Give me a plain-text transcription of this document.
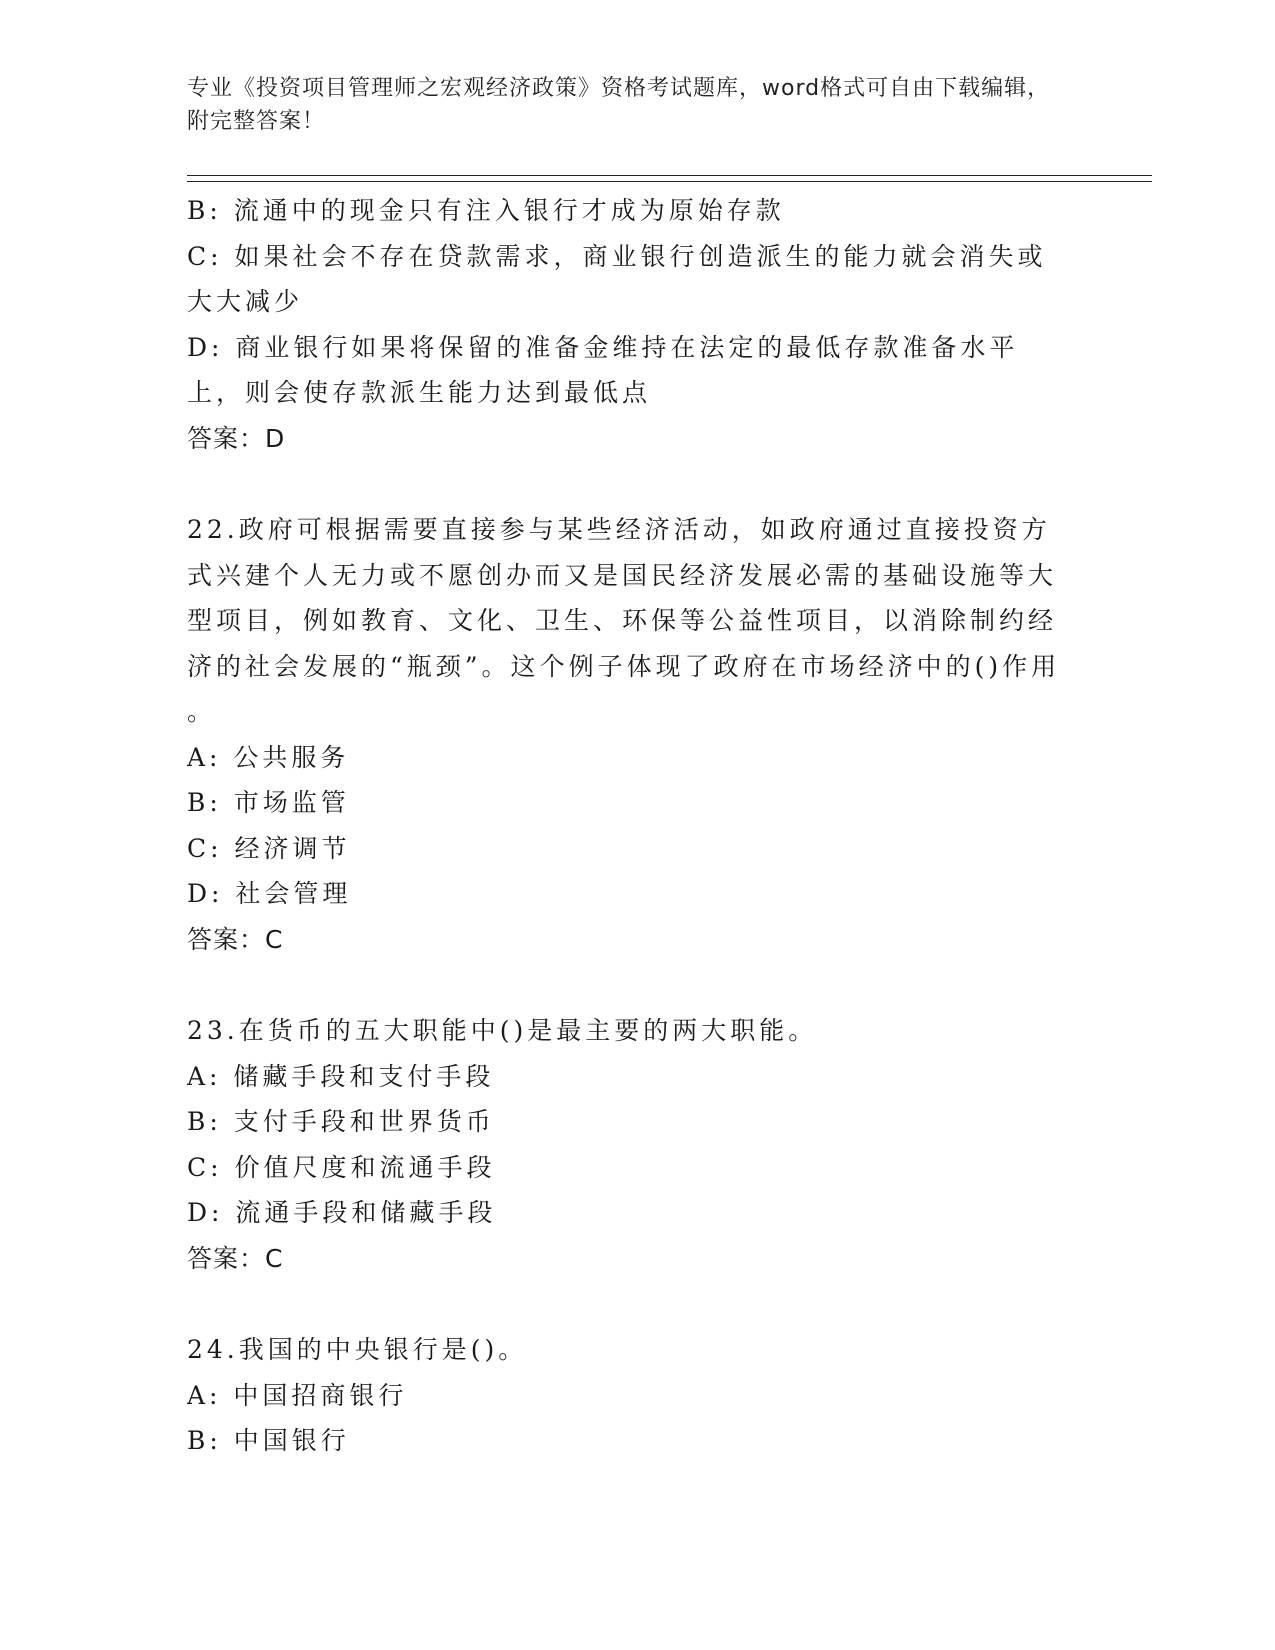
专业《投资项目管理师之宏观经济政策》资格考试题库，word格式可自由下载编辑，附完整答案！
B: 流通中的现金只有注入银行才成为原始存款
C: 如果社会不存在贷款需求，商业银行创造派生的能力就会消失或大大减少
D: 商业银行如果将保留的准备金维持在法定的最低存款准备水平上，则会使存款派生能力达到最低点
答案：D
22.政府可根据需要直接参与某些经济活动，如政府通过直接投资方式兴建个人无力或不愿创办而又是国民经济发展必需的基础设施等大型项目，例如教育、文化、卫生、环保等公益性项目，以消除制约经济的社会发展的“瓶颈”。这个例子体现了政府在市场经济中的()作用
。
A: 公共服务
B: 市场监管
C: 经济调节
D: 社会管理
答案：C
23.在货币的五大职能中()是最主要的两大职能。
A: 储藏手段和支付手段
B: 支付手段和世界货币
C: 价值尺度和流通手段
D: 流通手段和储藏手段
答案：C
24.我国的中央银行是()。
A: 中国招商银行
B: 中国银行
